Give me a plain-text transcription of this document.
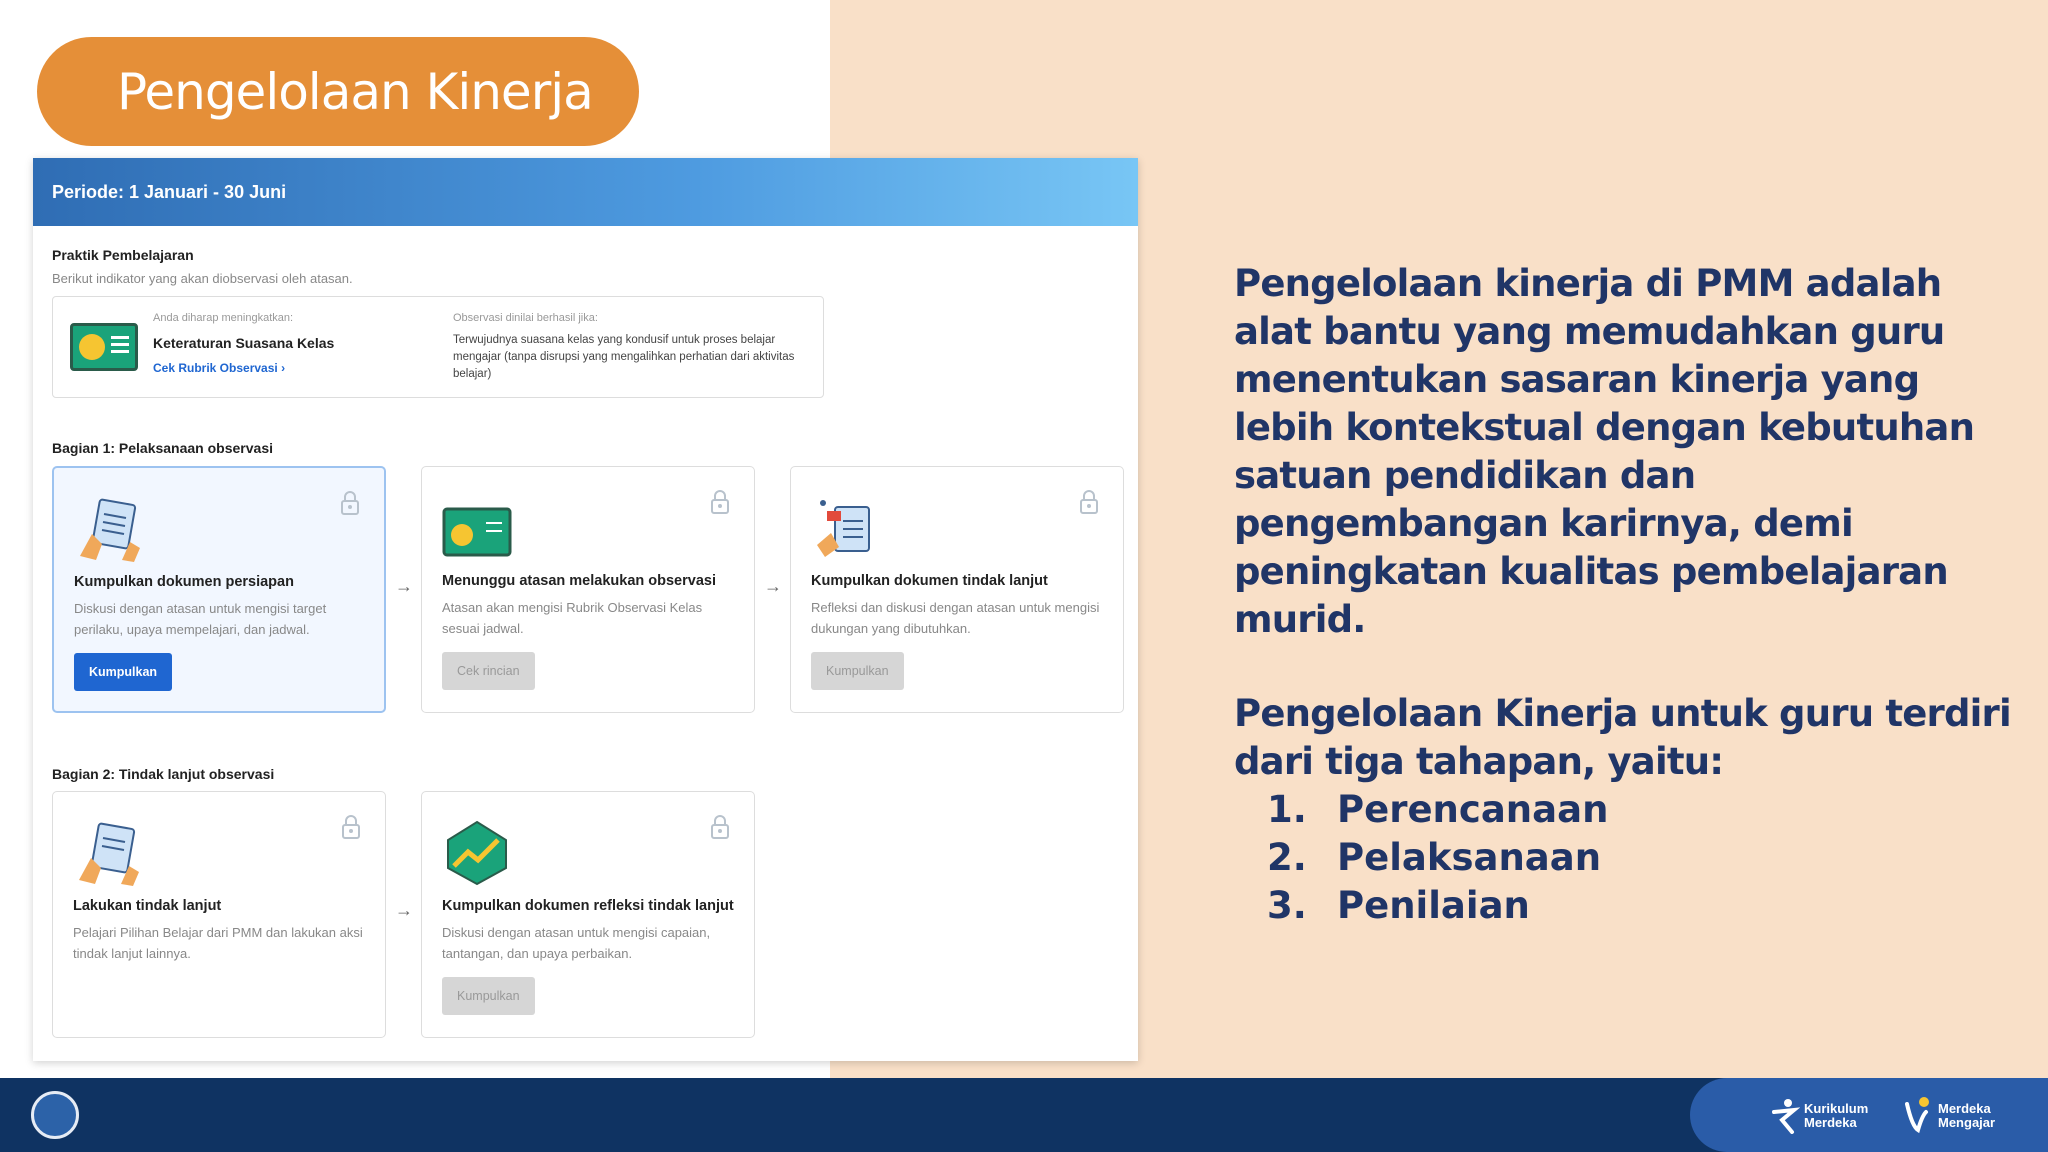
Pengelolaan Kinerja
Periode: 1 Januari - 30 Juni
Praktik Pembelajaran
Berikut indikator yang akan diobservasi oleh atasan.
Anda diharap meningkatkan:
Keteraturan Suasana Kelas
Cek Rubrik Observasi ›
Observasi dinilai berhasil jika:
Terwujudnya suasana kelas yang kondusif untuk proses belajar mengajar (tanpa disrupsi yang mengalihkan perhatian dari aktivitas belajar)
Bagian 1: Pelaksanaan observasi
Kumpulkan dokumen persiapan
Diskusi dengan atasan untuk mengisi target perilaku, upaya mempelajari, dan jadwal.
Kumpulkan
→ Menunggu atasan melakukan observasi
Atasan akan mengisi Rubrik Observasi Kelas sesuai jadwal.
Cek rincian
→ Kumpulkan dokumen tindak lanjut
Refleksi dan diskusi dengan atasan untuk mengisi dukungan yang dibutuhkan.
Kumpulkan
Bagian 2: Tindak lanjut observasi
Lakukan tindak lanjut
Pelajari Pilihan Belajar dari PMM dan lakukan aksi tindak lanjut lainnya.
→ Kumpulkan dokumen refleksi tindak lanjut
Diskusi dengan atasan untuk mengisi capaian, tantangan, dan upaya perbaikan.
Kumpulkan
Pengelolaan kinerja di PMM adalah alat bantu yang memudahkan guru menentukan sasaran kinerja yang lebih kontekstual dengan kebutuhan satuan pendidikan dan pengembangan karirnya, demi peningkatan kualitas pembelajaran murid.
Pengelolaan Kinerja untuk guru terdiri dari tiga tahapan, yaitu:
1. Perencanaan
2. Pelaksanaan
3. Penilaian
Kurikulum
Merdeka
Merdeka
Mengajar
